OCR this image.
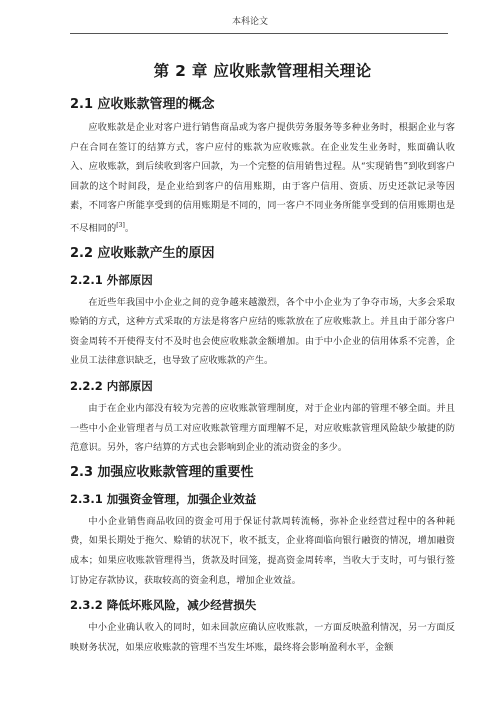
本科论文
第 2 章 应收账款管理相关理论
2.1 应收账款管理的概念

应收账款是企业对客户进行销售商品或为客户提供劳务服务等多种业务时，根据企业与客户在合同在签订的结算方式，客户应付的账款为应收账款。在企业发生业务时，账面确认收入、应收账款，到后续收到客户回款，为一个完整的信用销售过程。从“实现销售”到收到客户回款的这个时间段，是企业给到客户的信用账期，由于客户信用、资质、历史还款记录等因素，不同客户所能享受到的信用账期是不同的，同一客户不同业务所能享受到的信用账期也是不尽相同的[3]。

2.2 应收账款产生的原因
2.2.1 外部原因

在近些年我国中小企业之间的竞争越来越激烈，各个中小企业为了争夺市场，大多会采取赊销的方式，这种方式采取的方法是将客户应结的账款放在了应收账款上。并且由于部分客户资金周转不开使得支付不及时也会使应收账款金额增加。由于中小企业的信用体系不完善，企业员工法律意识缺乏，也导致了应收账款的产生。

2.2.2 内部原因

由于在企业内部没有较为完善的应收账款管理制度，对于企业内部的管理不够全面。并且一些中小企业管理者与员工对应收账款管理方面理解不足，对应收账款管理风险缺少敏捷的防范意识。另外，客户结算的方式也会影响到企业的流动资金的多少。

2.3 加强应收账款管理的重要性
2.3.1 加强资金管理，加强企业效益

中小企业销售商品收回的资金可用于保证付款周转流畅，弥补企业经营过程中的各种耗费，如果长期处于拖欠、赊销的状况下，收不抵支，企业将面临向银行融资的情况，增加融资成本；如果应收账款管理得当，货款及时回笼，提高资金周转率，当收大于支时，可与银行签订协定存款协议，获取较高的资金利息，增加企业效益。

2.3.2 降低坏账风险，减少经营损失

中小企业确认收入的同时，如未回款应确认应收账款，一方面反映盈利情况，另一方面反映财务状况，如果应收账款的管理不当发生坏账，最终将会影响盈利水平，金额
